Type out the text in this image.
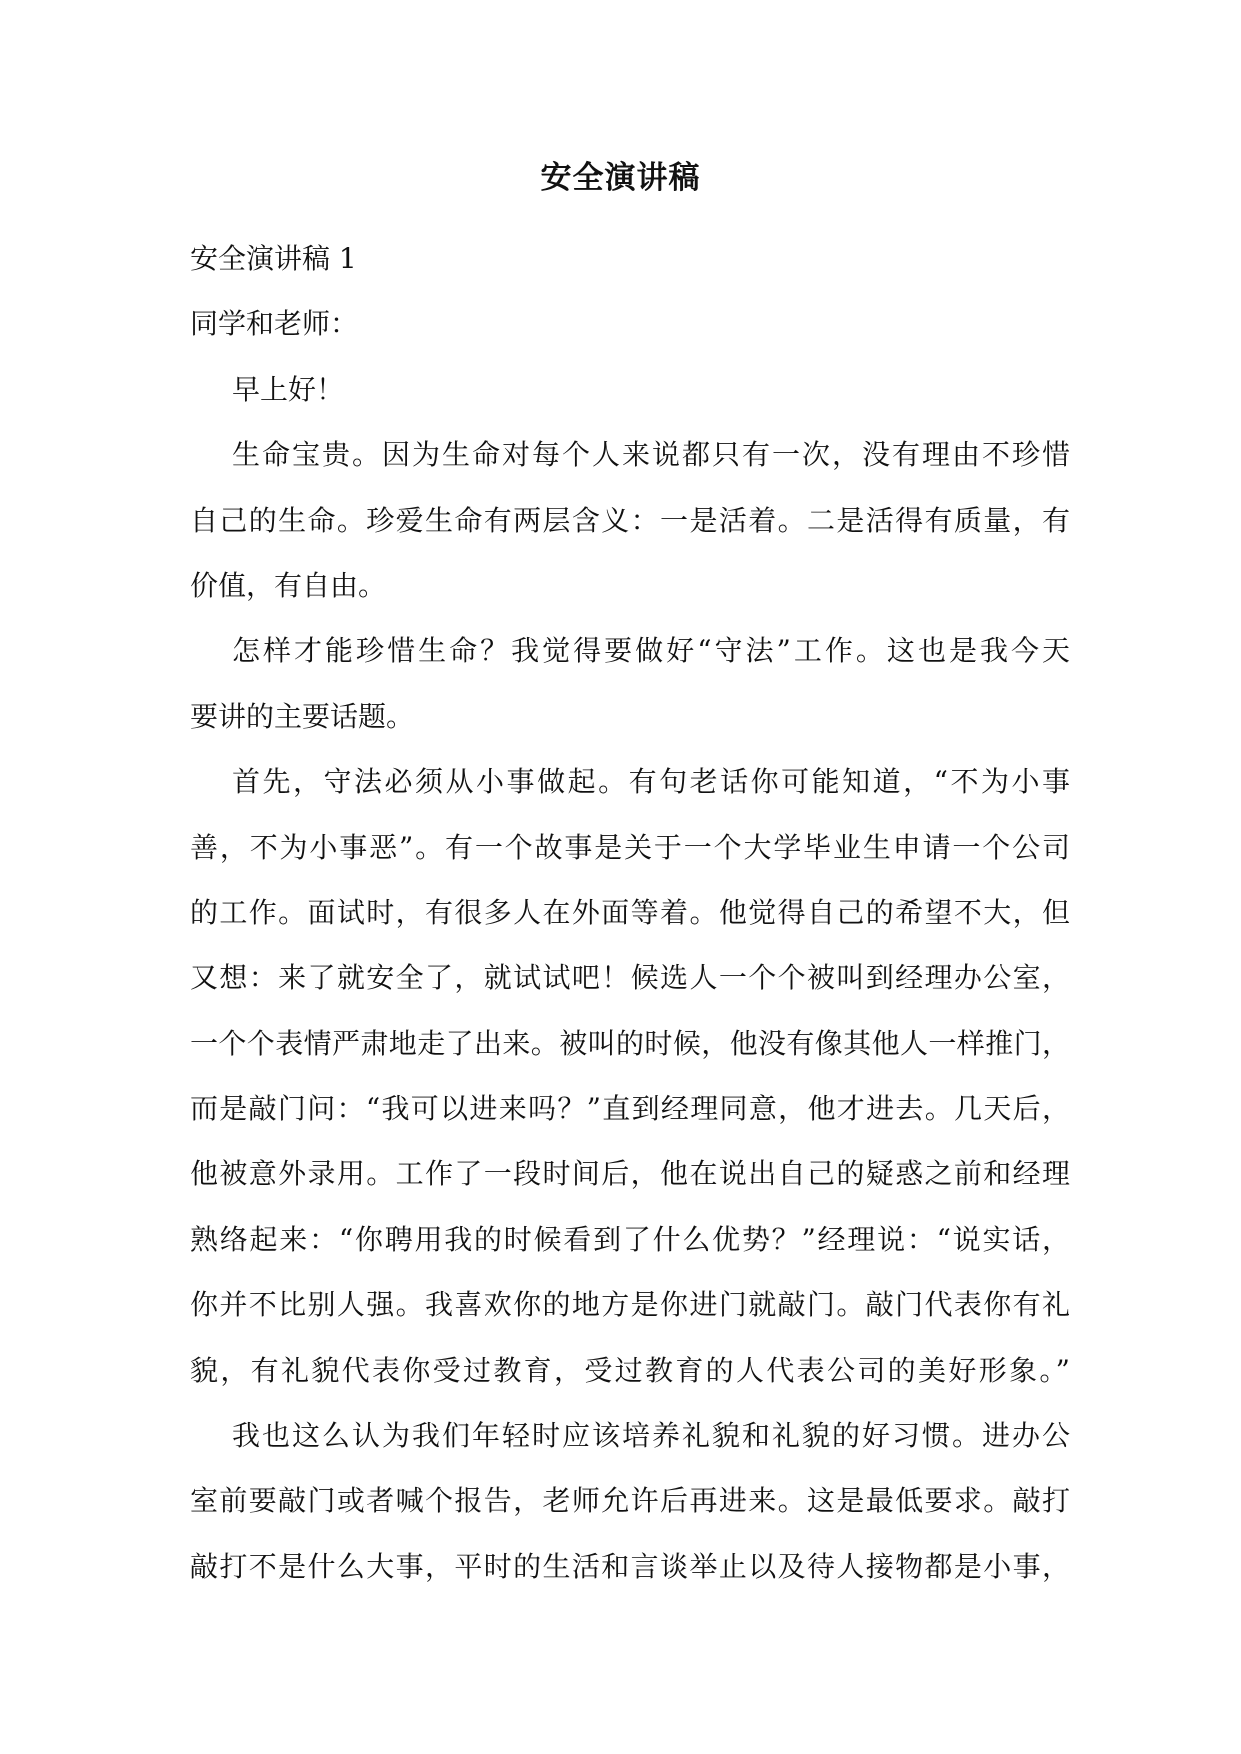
安全演讲稿
安全演讲稿 1
同学和老师：
早上好！
生命宝贵。因为生命对每个人来说都只有一次，没有理由不珍惜
自己的生命。珍爱生命有两层含义：一是活着。二是活得有质量，有
价值，有自由。
怎样才能珍惜生命？我觉得要做好“守法”工作。这也是我今天
要讲的主要话题。
首先，守法必须从小事做起。有句老话你可能知道，“不为小事
善，不为小事恶”。有一个故事是关于一个大学毕业生申请一个公司
的工作。面试时，有很多人在外面等着。他觉得自己的希望不大，但
又想：来了就安全了，就试试吧！候选人一个个被叫到经理办公室，
一个个表情严肃地走了出来。被叫的时候，他没有像其他人一样推门，
而是敲门问：“我可以进来吗？”直到经理同意，他才进去。几天后，
他被意外录用。工作了一段时间后，他在说出自己的疑惑之前和经理
熟络起来：“你聘用我的时候看到了什么优势？”经理说：“说实话，
你并不比别人强。我喜欢你的地方是你进门就敲门。敲门代表你有礼
貌，有礼貌代表你受过教育，受过教育的人代表公司的美好形象。”
我也这么认为我们年轻时应该培养礼貌和礼貌的好习惯。进办公
室前要敲门或者喊个报告，老师允许后再进来。这是最低要求。敲打
敲打不是什么大事，平时的生活和言谈举止以及待人接物都是小事，
